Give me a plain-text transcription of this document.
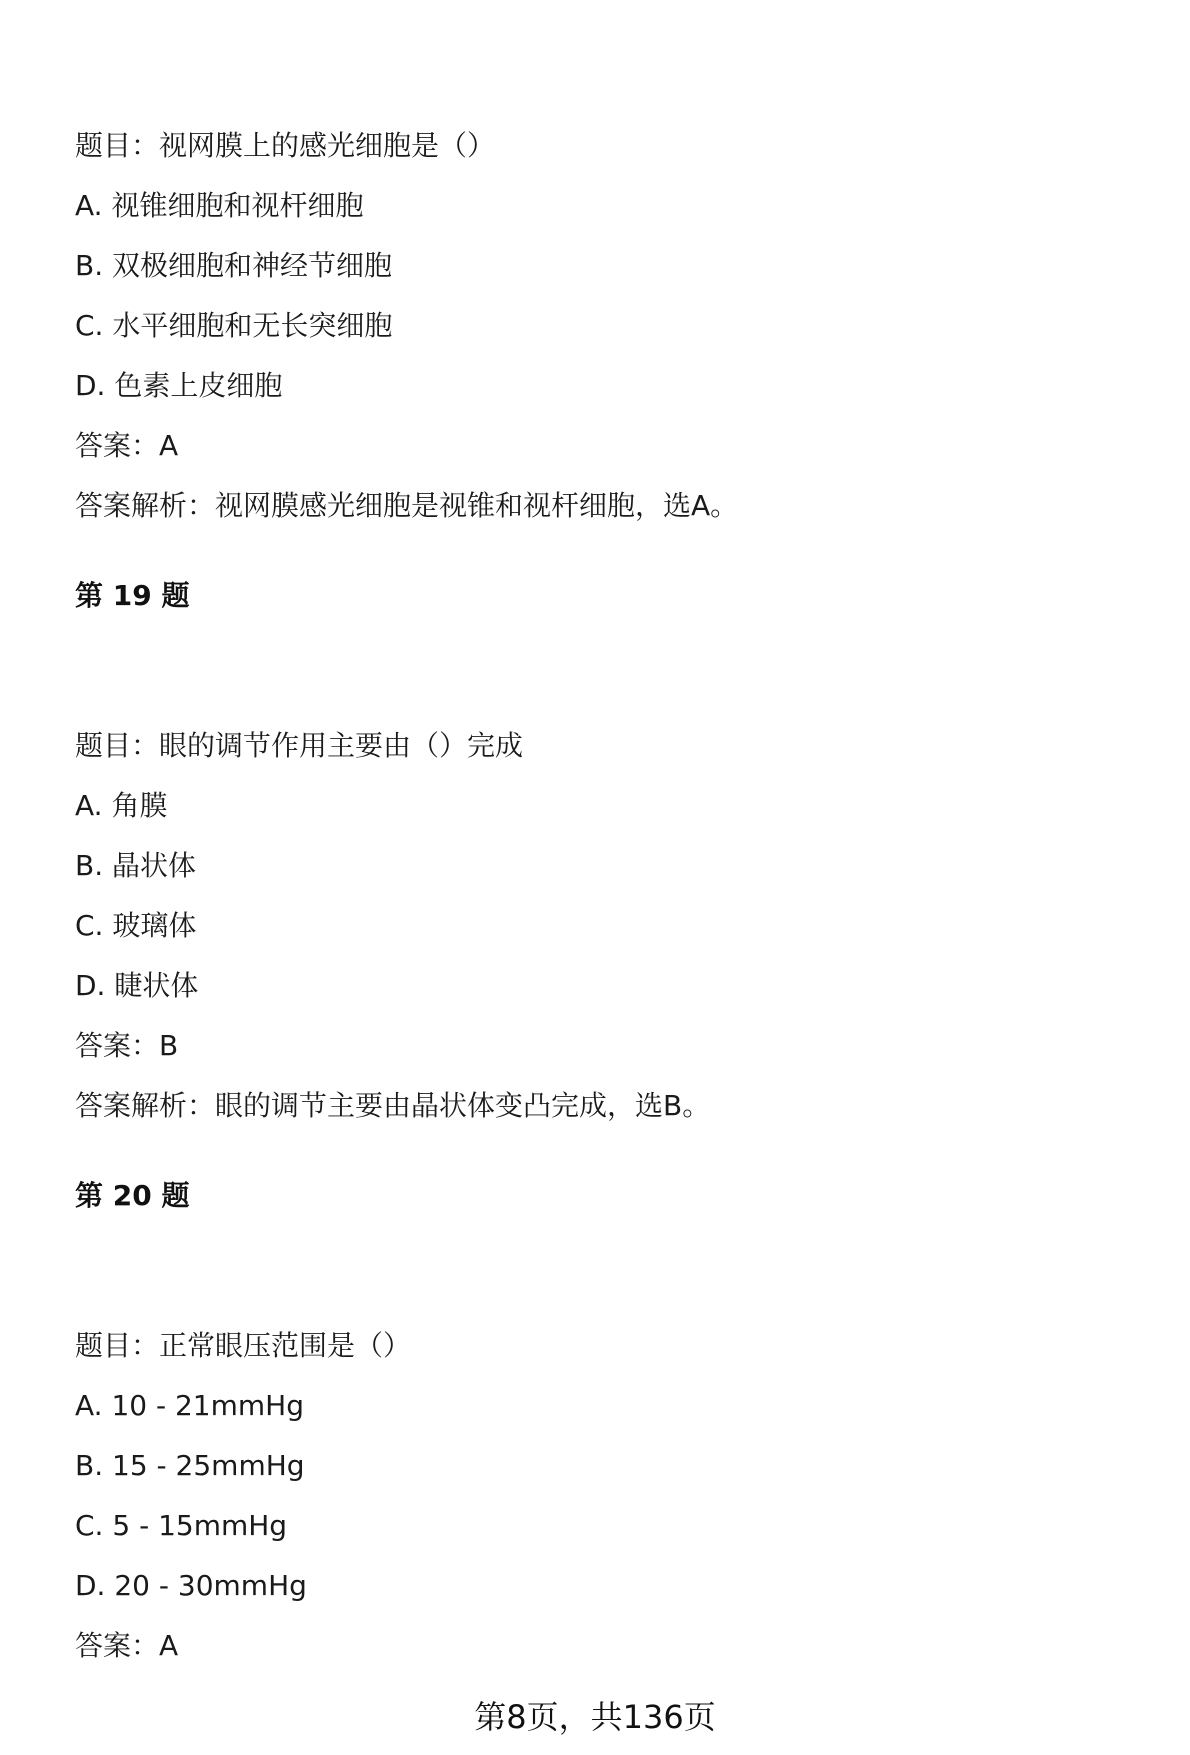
题目：视网膜上的感光细胞是（）
A. 视锥细胞和视杆细胞
B. 双极细胞和神经节细胞
C. 水平细胞和无长突细胞
D. 色素上皮细胞
答案：A
答案解析：视网膜感光细胞是视锥和视杆细胞，选A。
第 19 题
题目：眼的调节作用主要由（）完成
A. 角膜
B. 晶状体
C. 玻璃体
D. 睫状体
答案：B
答案解析：眼的调节主要由晶状体变凸完成，选B。
第 20 题
题目：正常眼压范围是（）
A. 10 - 21mmHg
B. 15 - 25mmHg
C. 5 - 15mmHg
D. 20 - 30mmHg
答案：A
第8页，共136页
